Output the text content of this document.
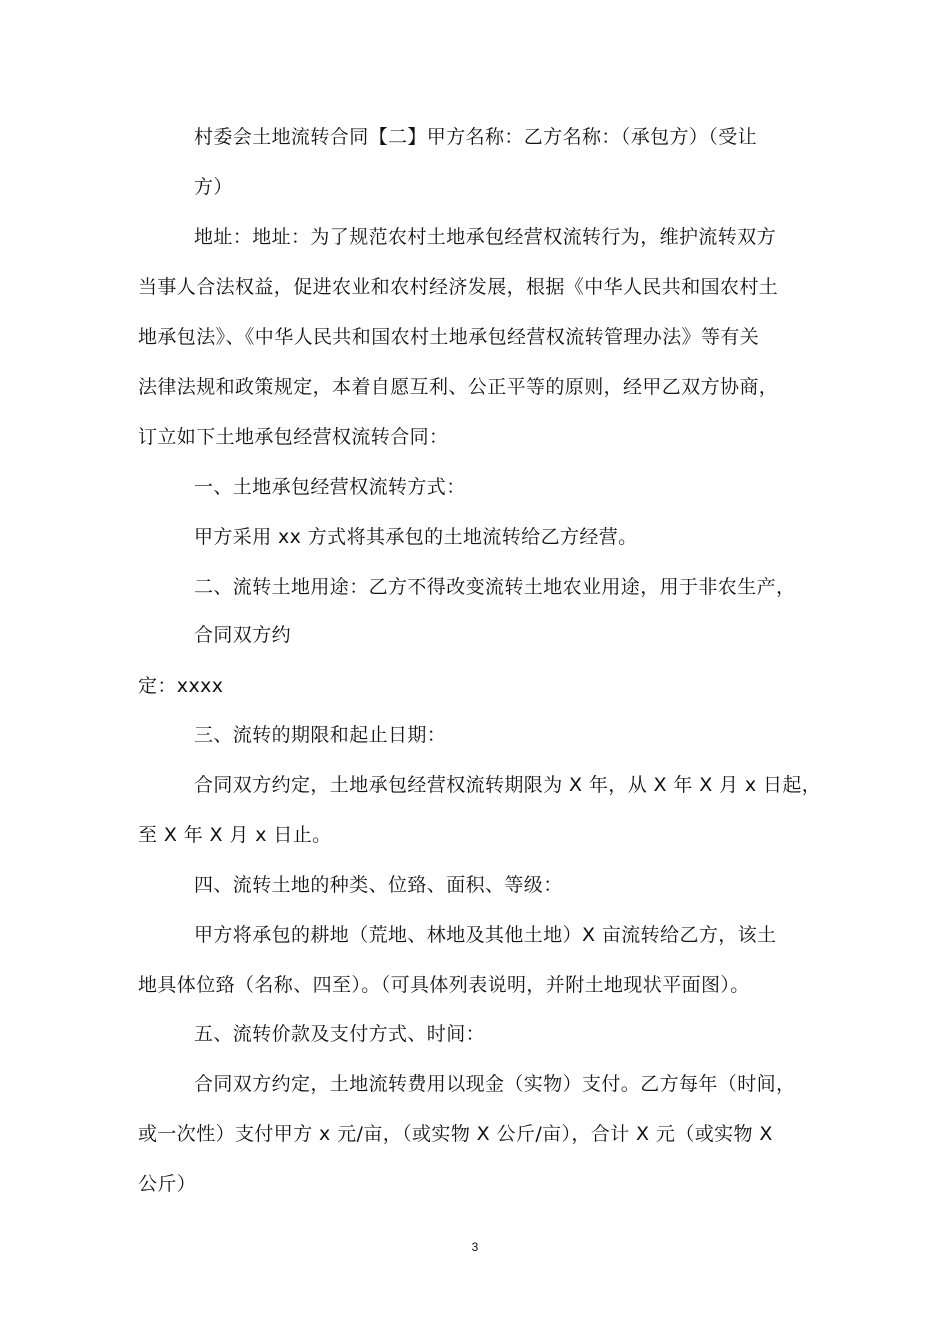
村委会土地流转合同【二】甲方名称：乙方名称：（承包方）（受让
方）
地址：地址：为了规范农村土地承包经营权流转行为，维护流转双方
当事人合法权益，促进农业和农村经济发展，根据《中华人民共和国农村土
地承包法》、《中华人民共和国农村土地承包经营权流转管理办法》等有关
法律法规和政策规定，本着自愿互利、公正平等的原则，经甲乙双方协商，
订立如下土地承包经营权流转合同：
一、土地承包经营权流转方式：
甲方采用 xx 方式将其承包的土地流转给乙方经营。
二、流转土地用途：乙方不得改变流转土地农业用途，用于非农生产，
合同双方约
定：xxxx
三、流转的期限和起止日期：
合同双方约定，土地承包经营权流转期限为 X 年，从 X 年 X 月 x 日起，
至 X 年 X 月 x 日止。
四、流转土地的种类、位臵、面积、等级：
甲方将承包的耕地（荒地、林地及其他土地）X 亩流转给乙方，该土
地具体位臵（名称、四至）。（可具体列表说明，并附土地现状平面图）。
五、流转价款及支付方式、时间：
合同双方约定，土地流转费用以现金（实物）支付。乙方每年（时间，
或一次性）支付甲方 x 元/亩，（或实物 X 公斤/亩），合计 X 元（或实物 X
公斤）
3
